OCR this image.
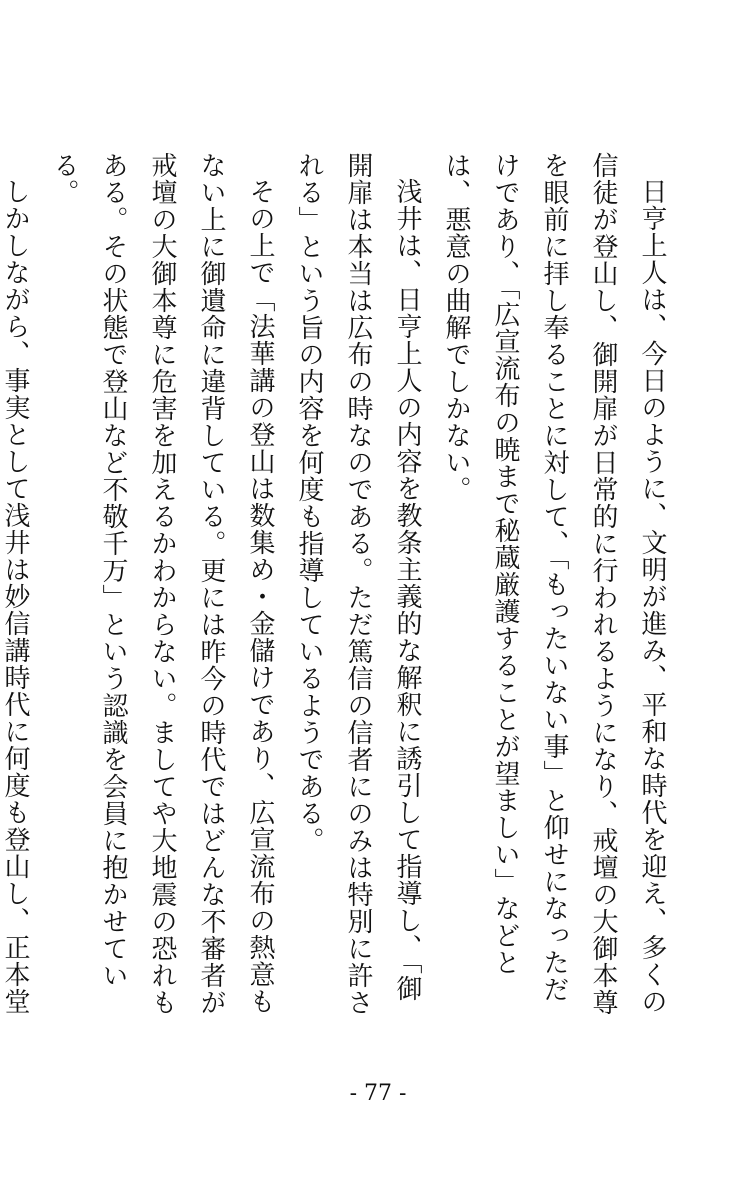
日亨上人は、今日のように、文明が進み、平和な時代を迎え、多くの信徒が登山し、御開扉が日常的に行われるようになり、戒壇の大御本尊を眼前に拝し奉ることに対して、「もったいない事」と仰せになっただけであり、「広宣流布の暁まで秘蔵厳護することが望ましい」などとは、悪意の曲解でしかない。

浅井は、日亨上人の内容を教条主義的な解釈に誘引して指導し、「御開扉は本当は広布の時なのである。ただ篤信の信者にのみは特別に許される」という旨の内容を何度も指導しているようである。

その上で「法華講の登山は数集め・金儲けであり、広宣流布の熱意もない上に御遺命に違背している。更には昨今の時代ではどんな不審者が戒壇の大御本尊に危害を加えるかわからない。ましてや大地震の恐れもある。その状態で登山など不敬千万」という認識を会員に抱かせている。

しかしながら、事実として浅井は妙信講時代に何度も登山し、正本堂

- 77 -
